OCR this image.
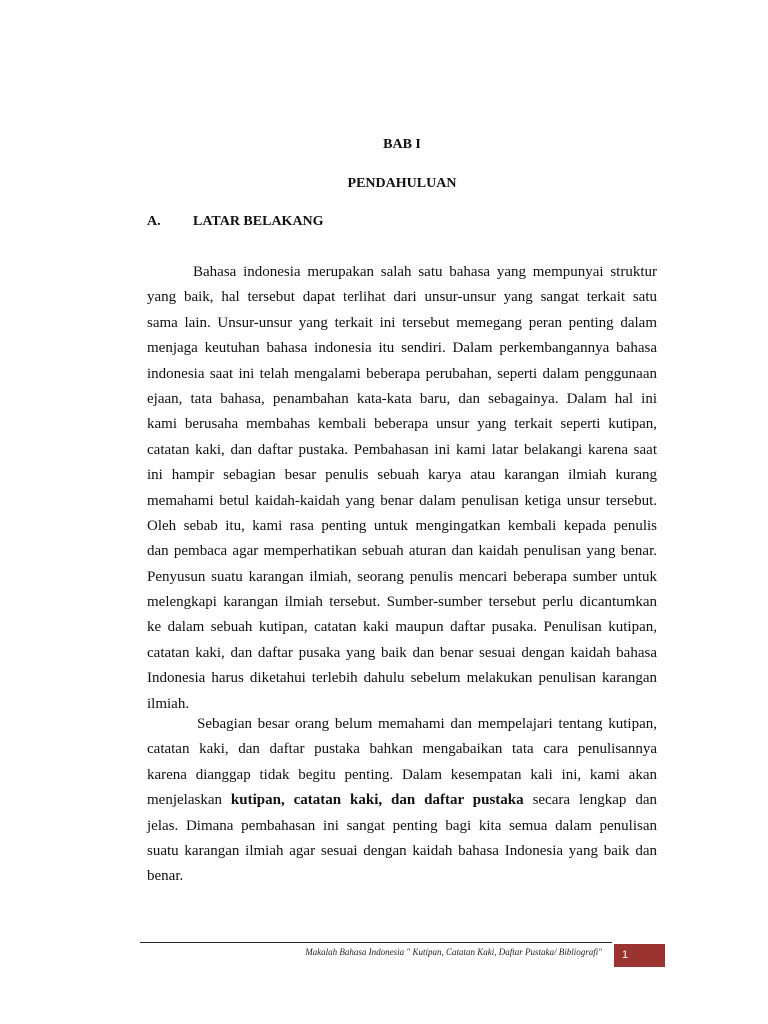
BAB I
PENDAHULUAN
A. LATAR BELAKANG
Bahasa indonesia merupakan salah satu bahasa yang mempunyai struktur
yang baik, hal tersebut dapat terlihat dari unsur-unsur yang sangat terkait satu
sama lain. Unsur-unsur yang terkait ini tersebut memegang peran penting dalam
menjaga keutuhan bahasa indonesia itu sendiri. Dalam perkembangannya bahasa
indonesia saat ini telah mengalami beberapa perubahan, seperti dalam penggunaan
ejaan, tata bahasa, penambahan kata-kata baru, dan sebagainya. Dalam hal ini
kami berusaha membahas kembali beberapa unsur yang terkait seperti kutipan,
catatan kaki, dan daftar pustaka. Pembahasan ini kami latar belakangi karena saat
ini hampir sebagian besar penulis sebuah karya atau karangan ilmiah kurang
memahami betul kaidah-kaidah yang benar dalam penulisan ketiga unsur tersebut.
Oleh sebab itu, kami rasa penting untuk mengingatkan kembali kepada penulis
dan pembaca agar memperhatikan sebuah aturan dan kaidah penulisan yang benar.
Penyusun suatu karangan ilmiah, seorang penulis mencari beberapa sumber untuk
melengkapi karangan ilmiah tersebut. Sumber-sumber tersebut perlu dicantumkan
ke dalam sebuah kutipan, catatan kaki maupun daftar pusaka. Penulisan kutipan,
catatan kaki, dan daftar pusaka yang baik dan benar sesuai dengan kaidah bahasa
Indonesia harus diketahui terlebih dahulu sebelum melakukan penulisan karangan
ilmiah.
Sebagian besar orang belum memahami dan mempelajari tentang kutipan,
catatan kaki, dan daftar pustaka bahkan mengabaikan tata cara penulisannya
karena dianggap tidak begitu penting. Dalam kesempatan kali ini, kami akan
menjelaskan kutipan, catatan kaki, dan daftar pustaka secara lengkap dan
jelas. Dimana pembahasan ini sangat penting bagi kita semua dalam penulisan
suatu karangan ilmiah agar sesuai dengan kaidah bahasa Indonesia yang baik dan
benar.
Makalah Bahasa Indonesia " Kutipan, Catatan Kaki, Daftar Pustaka/ Bibliografi"	1
